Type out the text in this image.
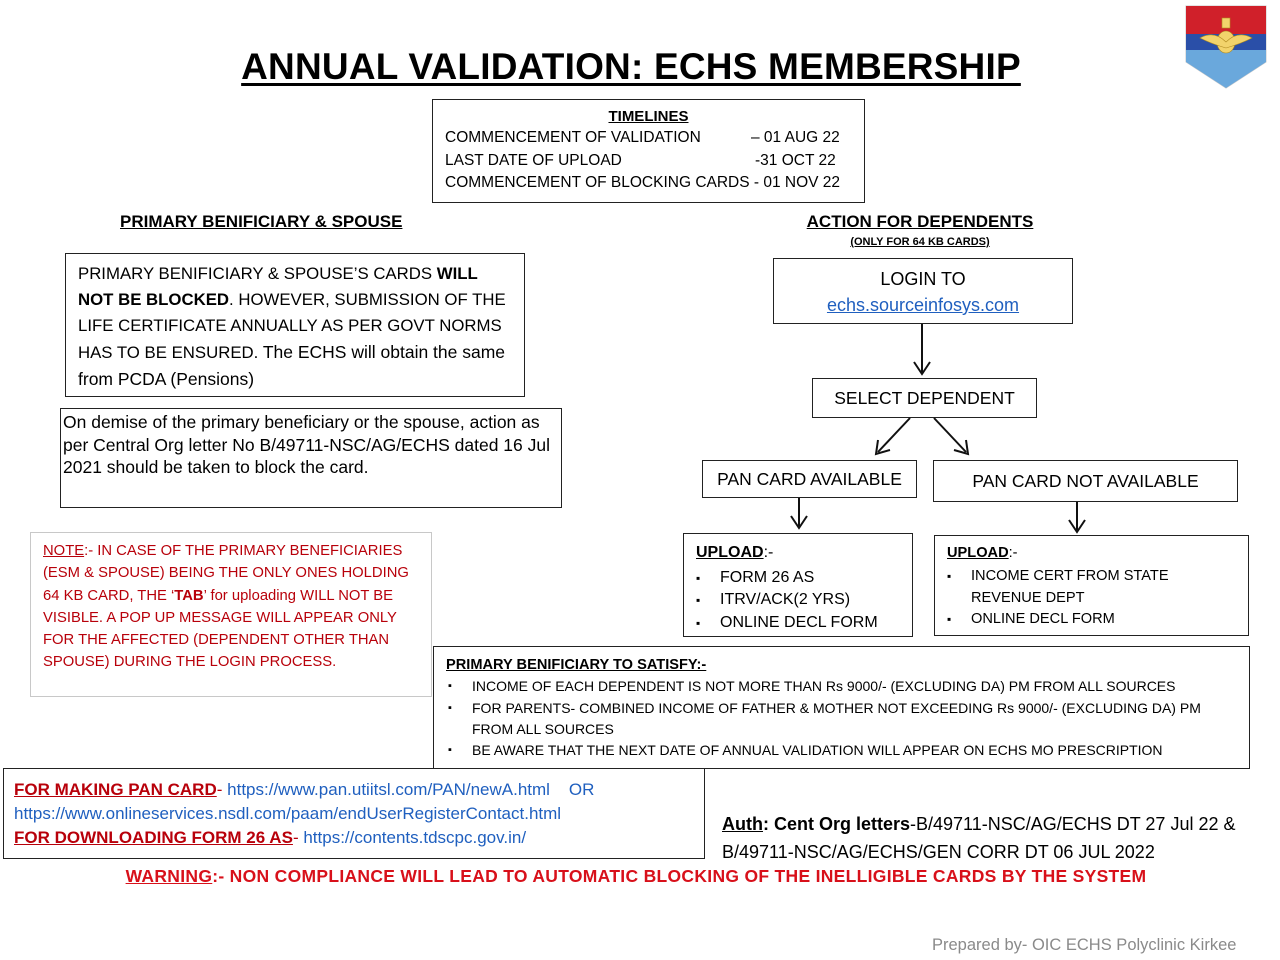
ANNUAL VALIDATION: ECHS MEMBERSHIP
TIMELINES
COMMENCEMENT OF VALIDATION	– 01 AUG 22
LAST DATE OF UPLOAD	-31 OCT 22
COMMENCEMENT OF BLOCKING CARDS - 01 NOV 22
PRIMARY BENIFICIARY & SPOUSE
PRIMARY BENIFICIARY & SPOUSE’S CARDS WILL NOT BE BLOCKED. HOWEVER, SUBMISSION OF THE LIFE CERTIFICATE ANNUALLY AS PER GOVT NORMS HAS TO BE ENSURED. The ECHS will obtain the same from PCDA (Pensions)
On demise of the primary beneficiary or the spouse, action as per Central Org letter No B/49711-NSC/AG/ECHS dated 16 Jul 2021 should be taken to block the card.
NOTE:- IN CASE OF THE PRIMARY BENEFICIARIES (ESM & SPOUSE) BEING THE ONLY ONES HOLDING 64 KB CARD, THE ‘TAB’ for uploading WILL NOT BE VISIBLE. A POP UP MESSAGE WILL APPEAR ONLY FOR THE AFFECTED (DEPENDENT OTHER THAN SPOUSE) DURING THE LOGIN PROCESS.
ACTION FOR DEPENDENTS
(ONLY FOR 64 KB CARDS)
LOGIN TO
echs.sourceinfosys.com
SELECT DEPENDENT
PAN CARD AVAILABLE	PAN CARD NOT AVAILABLE
UPLOAD:-
▪ FORM 26 AS
▪ ITRV/ACK(2 YRS)
▪ ONLINE DECL FORM
UPLOAD:-
▪ INCOME CERT FROM STATE REVENUE DEPT
▪ ONLINE DECL FORM
PRIMARY BENIFICIARY TO SATISFY:-
▪ INCOME OF EACH DEPENDENT IS NOT MORE THAN Rs 9000/- (EXCLUDING DA) PM FROM ALL SOURCES
▪ FOR PARENTS- COMBINED INCOME OF FATHER & MOTHER NOT EXCEEDING Rs 9000/- (EXCLUDING DA) PM FROM ALL SOURCES
▪ BE AWARE THAT THE NEXT DATE OF ANNUAL VALIDATION WILL APPEAR ON ECHS MO PRESCRIPTION
FOR MAKING PAN CARD- https://www.pan.utiitsl.com/PAN/newA.html OR
https://www.onlineservices.nsdl.com/paam/endUserRegisterContact.html
FOR DOWNLOADING FORM 26 AS- https://contents.tdscpc.gov.in/
Auth: Cent Org letters-B/49711-NSC/AG/ECHS DT 27 Jul 22 &
B/49711-NSC/AG/ECHS/GEN CORR DT 06 JUL 2022
WARNING:- NON COMPLIANCE WILL LEAD TO AUTOMATIC BLOCKING OF THE INELLIGIBLE CARDS BY THE SYSTEM
Prepared by- OIC ECHS Polyclinic Kirkee
